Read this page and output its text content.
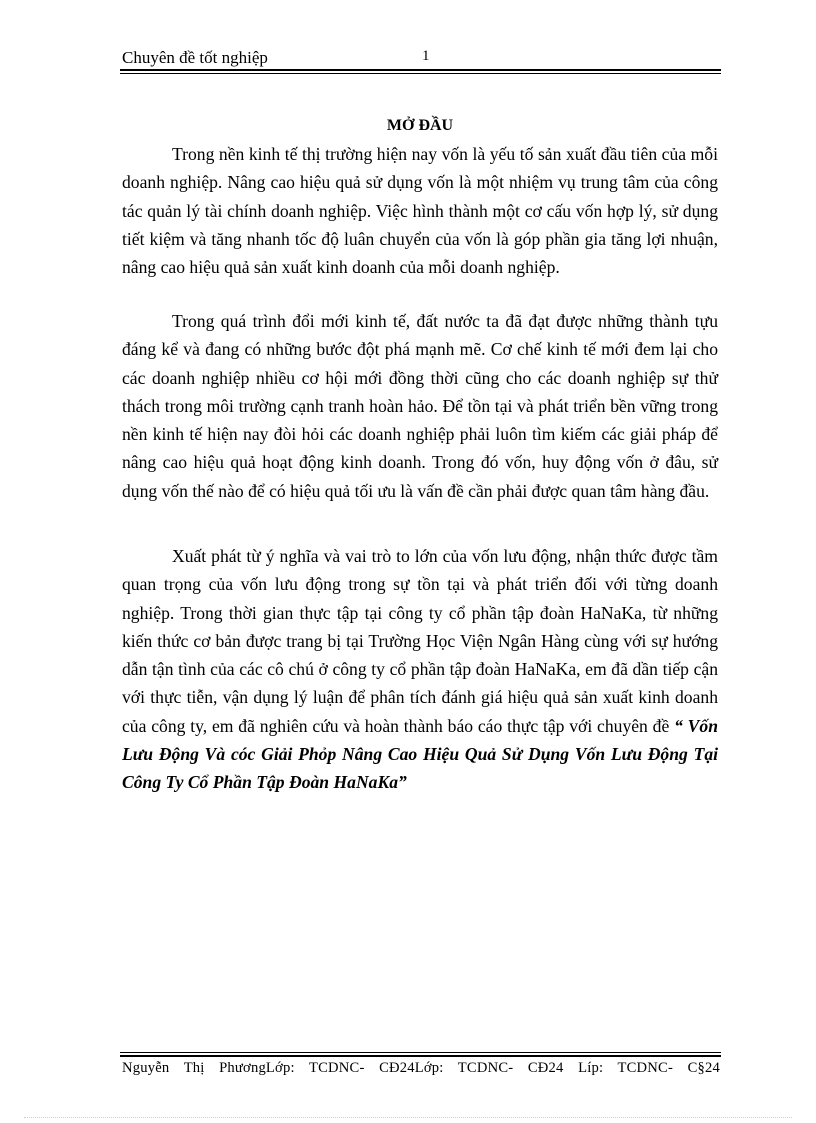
Chuyên đề tốt nghiệp	1
MỞ ĐẦU

Trong nền kinh tế thị trường hiện nay vốn là yếu tố sản xuất đầu tiên của mỗi doanh nghiệp. Nâng cao hiệu quả sử dụng vốn là một nhiệm vụ trung tâm của công tác quản lý tài chính doanh nghiệp. Việc hình thành một cơ cấu vốn hợp lý, sử dụng tiết kiệm và tăng nhanh tốc độ luân chuyển của vốn là góp phần gia tăng lợi nhuận, nâng cao hiệu quả sản xuất kinh doanh của mỗi doanh nghiệp.

Trong quá trình đổi mới kinh tế, đất nước ta đã đạt được những thành tựu đáng kể và đang có những bước đột phá mạnh mẽ. Cơ chế kinh tế mới đem lại cho các doanh nghiệp nhiều cơ hội mới đồng thời cũng cho các doanh nghiệp sự thử thách trong môi trường cạnh tranh hoàn hảo. Để tồn tại và phát triển bền vững trong nền kinh tế hiện nay đòi hỏi các doanh nghiệp phải luôn tìm kiếm các giải pháp để nâng cao hiệu quả hoạt động kinh doanh. Trong đó vốn, huy động vốn ở đâu, sử dụng vốn thế nào để có hiệu quả tối ưu là vấn đề cần phải được quan tâm hàng đầu.

Xuất phát từ ý nghĩa và vai trò to lớn của vốn lưu động, nhận thức được tầm quan trọng của vốn lưu động trong sự tồn tại và phát triển đối với từng doanh nghiệp. Trong thời gian thực tập tại công ty cổ phần tập đoàn HaNaKa, từ những kiến thức cơ bản được trang bị tại Trường Học Viện Ngân Hàng cùng với sự hướng dẫn tận tình của các cô chú ở công ty cổ phần tập đoàn HaNaKa, em đã dần tiếp cận với thực tiễn, vận dụng lý luận để phân tích đánh giá hiệu quả sản xuất kinh doanh của công ty, em đã nghiên cứu và hoàn thành báo cáo thực tập với chuyên đề “ Vốn Lưu Động Và cóc Giải Phỏp Nâng Cao Hiệu Quả Sử Dụng Vốn Lưu Động Tại Công Ty Cổ Phần Tập Đoàn HaNaKa”

Nguyễn Thị PhươngLớp: TCDNC- CĐ24Lớp: TCDNC- CĐ24 Líp: TCDNC- C§24
